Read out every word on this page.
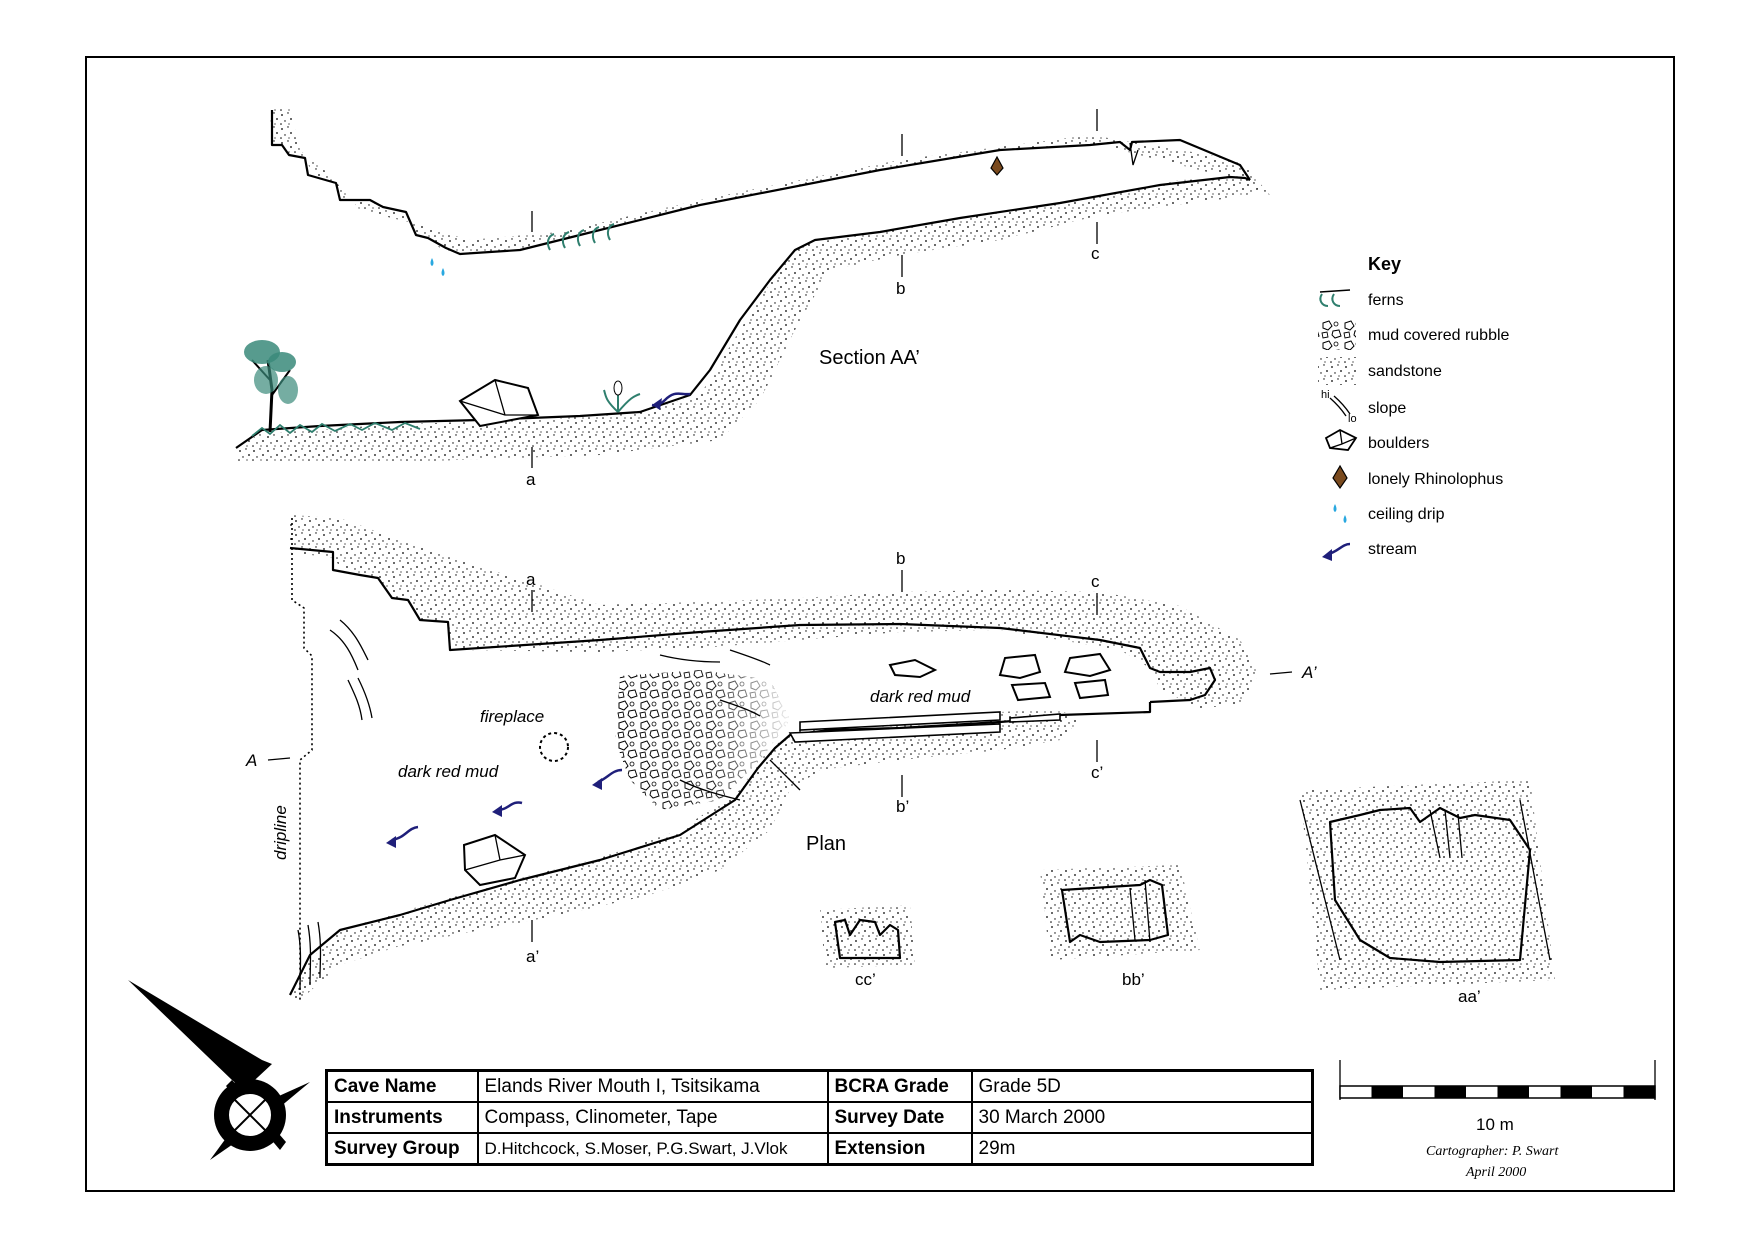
a
b
c
Section AA’
a
a’
b
b’
c
c’
A
A’
fireplace
dark red mud
dark red mud
dripline	Plan
cc’	bb’
aa’
Key
ferns
mud covered rubble
sandstone
hi
lo
slope
boulders
lonely Rhinolophus
ceiling drip
stream
10 m
Cartographer: P. Swart
April 2000
Cave Name	Elands River Mouth I, Tsitsikama	BCRA Grade	Grade 5D
Instruments	Compass, Clinometer, Tape	Survey Date	30 March 2000
Survey Group	D.Hitchcock, S.Moser, P.G.Swart, J.Vlok	Extension	29m
